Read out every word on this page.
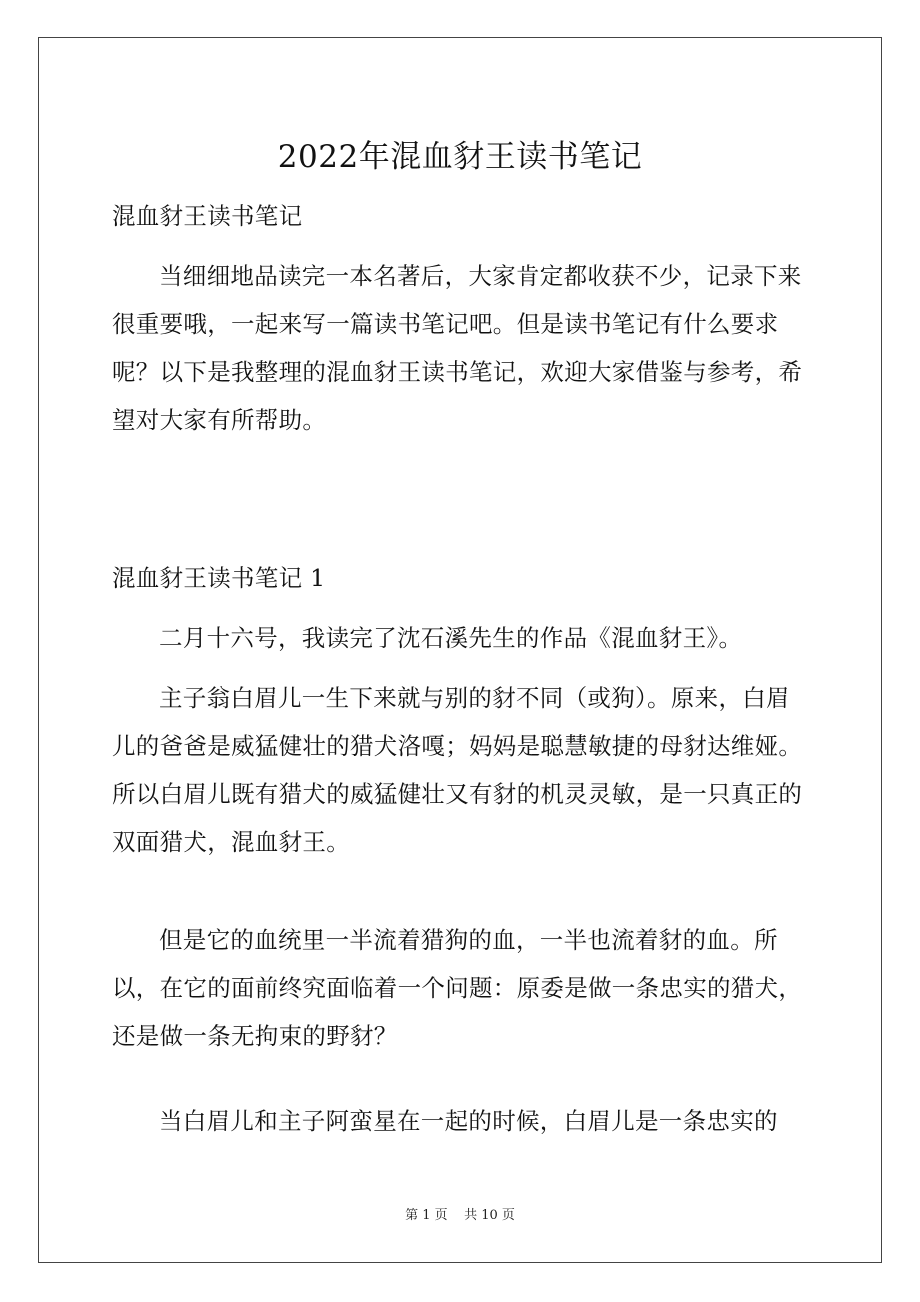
2022年混血豺王读书笔记

混血豺王读书笔记

当细细地品读完一本名著后，大家肯定都收获不少，记录下来很重要哦，一起来写一篇读书笔记吧。但是读书笔记有什么要求呢？以下是我整理的混血豺王读书笔记，欢迎大家借鉴与参考，希望对大家有所帮助。

混血豺王读书笔记 1

二月十六号，我读完了沈石溪先生的作品《混血豺王》。

主子翁白眉儿一生下来就与别的豺不同（或狗）。原来，白眉儿的爸爸是威猛健壮的猎犬洛嘎；妈妈是聪慧敏捷的母豺达维娅。所以白眉儿既有猎犬的威猛健壮又有豺的机灵灵敏，是一只真正的双面猎犬，混血豺王。

但是它的血统里一半流着猎狗的血，一半也流着豺的血。所以，在它的面前终究面临着一个问题：原委是做一条忠实的猎犬，还是做一条无拘束的野豺？

当白眉儿和主子阿蛮星在一起的时候，白眉儿是一条忠实的

第 1 页    共 10 页
